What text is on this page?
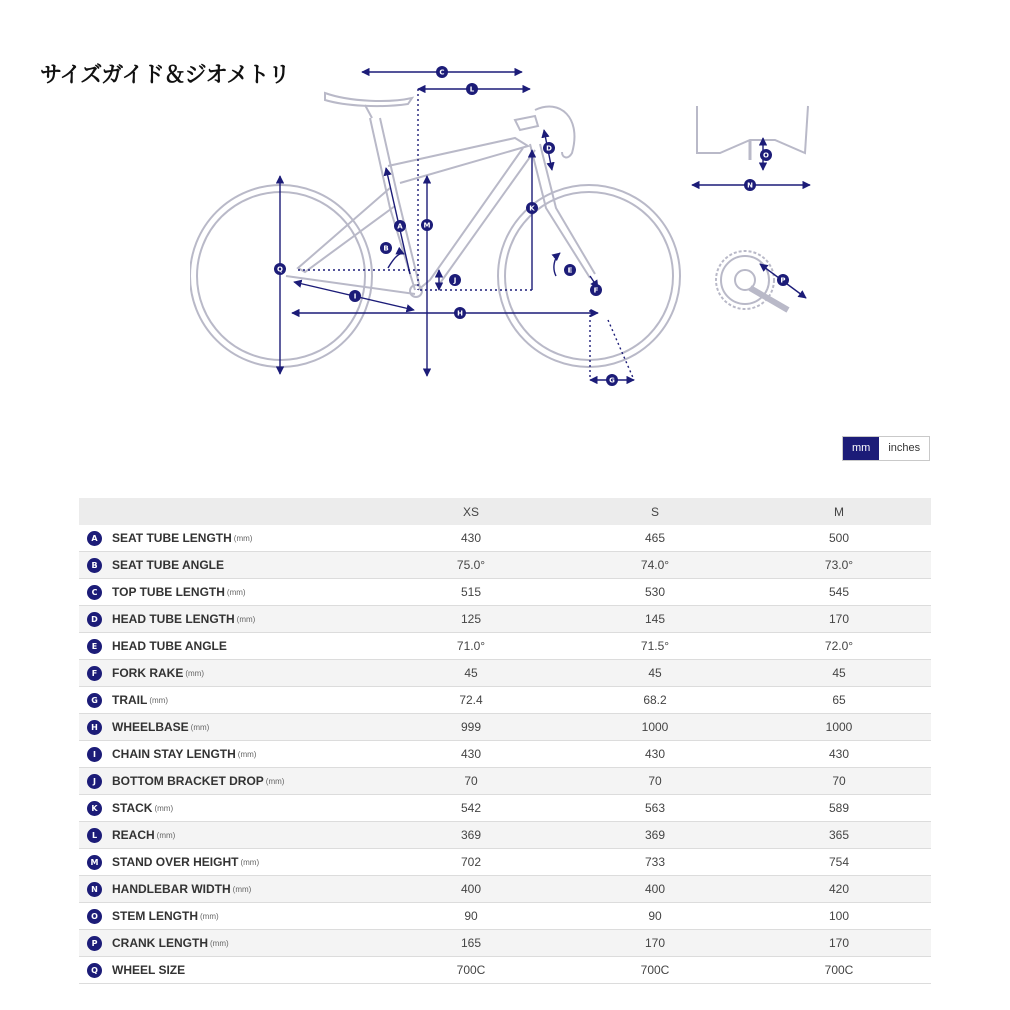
サイズガイド＆ジオメトリ	C
L
D
K
A	M
B
Q	E
J
F
I
H
G
O
N
P
mm	inches
	XS	S	M
A SEAT TUBE LENGTH (mm)	430	465	500
B SEAT TUBE ANGLE	75.0°	74.0°	73.0°
C TOP TUBE LENGTH (mm)	515	530	545
D HEAD TUBE LENGTH (mm)	125	145	170
E HEAD TUBE ANGLE	71.0°	71.5°	72.0°
F FORK RAKE (mm)	45	45	45
G TRAIL (mm)	72.4	68.2	65
H WHEELBASE (mm)	999	1000	1000
I CHAIN STAY LENGTH (mm)	430	430	430
J BOTTOM BRACKET DROP (mm)	70	70	70
K STACK (mm)	542	563	589
L REACH (mm)	369	369	365
M STAND OVER HEIGHT (mm)	702	733	754
N HANDLEBAR WIDTH (mm)	400	400	420
O STEM LENGTH (mm)	90	90	100
P CRANK LENGTH (mm)	165	170	170
Q WHEEL SIZE	700C	700C	700C
